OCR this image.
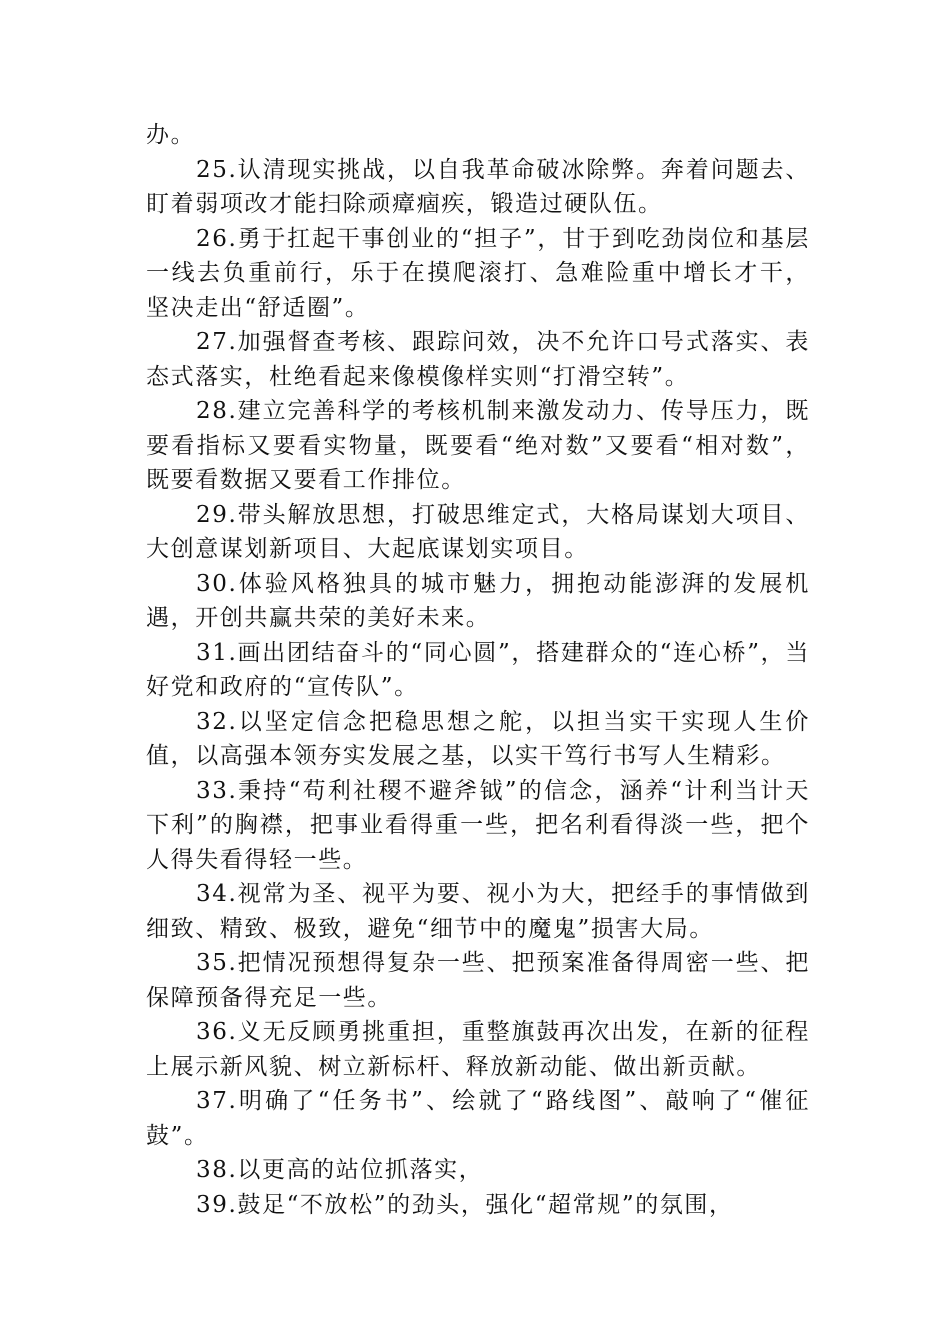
办。

25.认清现实挑战，以自我革命破冰除弊。奔着问题去、盯着弱项改才能扫除顽瘴痼疾，锻造过硬队伍。

26.勇于扛起干事创业的“担子”，甘于到吃劲岗位和基层一线去负重前行，乐于在摸爬滚打、急难险重中增长才干，坚决走出“舒适圈”。

27.加强督查考核、跟踪问效，决不允许口号式落实、表态式落实，杜绝看起来像模像样实则“打滑空转”。

28.建立完善科学的考核机制来激发动力、传导压力，既要看指标又要看实物量，既要看“绝对数”又要看“相对数”，既要看数据又要看工作排位。

29.带头解放思想，打破思维定式，大格局谋划大项目、大创意谋划新项目、大起底谋划实项目。

30.体验风格独具的城市魅力，拥抱动能澎湃的发展机遇，开创共赢共荣的美好未来。

31.画出团结奋斗的“同心圆”，搭建群众的“连心桥”，当好党和政府的“宣传队”。

32.以坚定信念把稳思想之舵，以担当实干实现人生价值，以高强本领夯实发展之基，以实干笃行书写人生精彩。

33.秉持“苟利社稷不避斧钺”的信念，涵养“计利当计天下利”的胸襟，把事业看得重一些，把名利看得淡一些，把个人得失看得轻一些。

34.视常为圣、视平为要、视小为大，把经手的事情做到细致、精致、极致，避免“细节中的魔鬼”损害大局。

35.把情况预想得复杂一些、把预案准备得周密一些、把保障预备得充足一些。

36.义无反顾勇挑重担，重整旗鼓再次出发，在新的征程上展示新风貌、树立新标杆、释放新动能、做出新贡献。

37.明确了“任务书”、绘就了“路线图”、敲响了“催征鼓”。

38.以更高的站位抓落实，

39.鼓足“不放松”的劲头，强化“超常规”的氛围，
